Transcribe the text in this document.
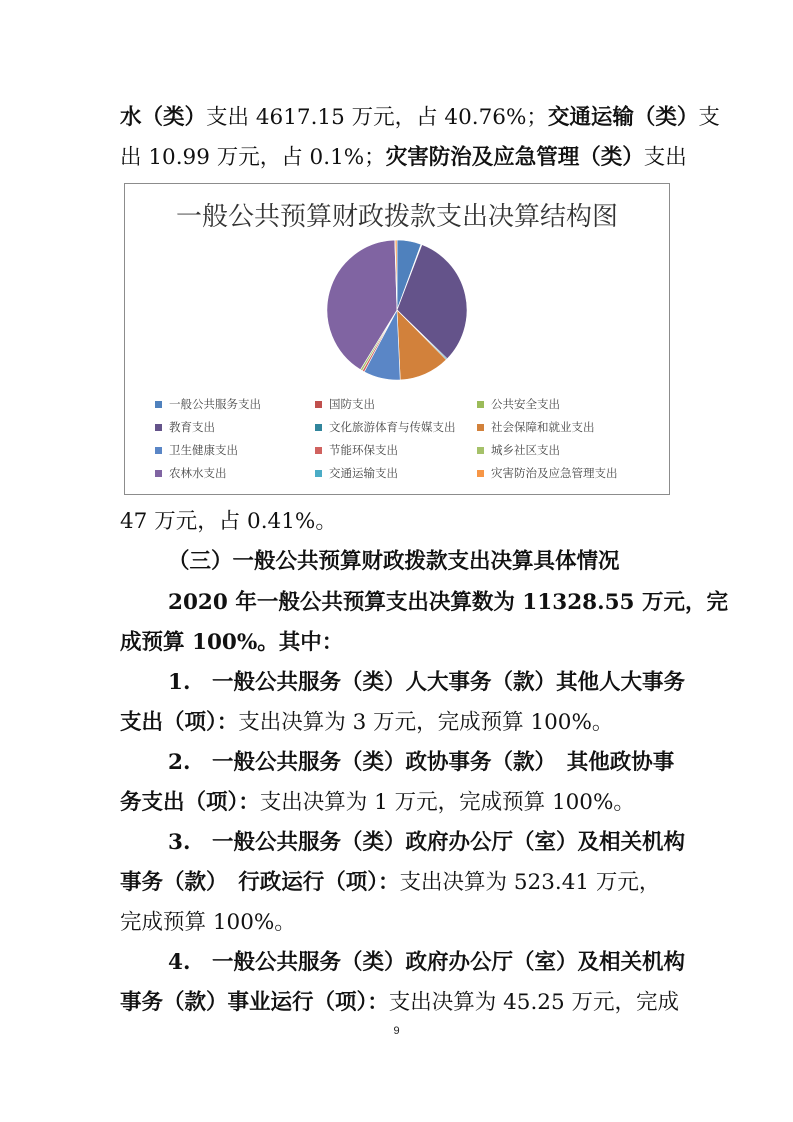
水（类）支出 4617.15 万元，占 40.76%；交通运输（类）支
出 10.99 万元，占 0.1%；灾害防治及应急管理（类）支出
一般公共预算财政拨款支出决算结构图
一般公共服务支出	国防支出	公共安全支出
教育支出	文化旅游体育与传媒支出	社会保障和就业支出
卫生健康支出	节能环保支出	城乡社区支出
农林水支出	交通运输支出	灾害防治及应急管理支出
47 万元，占 0.41%。
（三）一般公共预算财政拨款支出决算具体情况
2020 年一般公共预算支出决算数为 11328.55 万元，完
成预算 100%。其中：
1.　一般公共服务（类）人大事务（款）其他人大事务
支出（项）：支出决算为 3 万元，完成预算 100%。
2.　一般公共服务（类）政协事务（款）　其他政协事
务支出（项）：支出决算为 1 万元，完成预算 100%。
3.　一般公共服务（类）政府办公厅（室）及相关机构
事务（款）　行政运行（项）：支出决算为 523.41 万元，
完成预算 100%。
4.　一般公共服务（类）政府办公厅（室）及相关机构
事务（款）事业运行（项）：支出决算为 45.25 万元，完成
9
